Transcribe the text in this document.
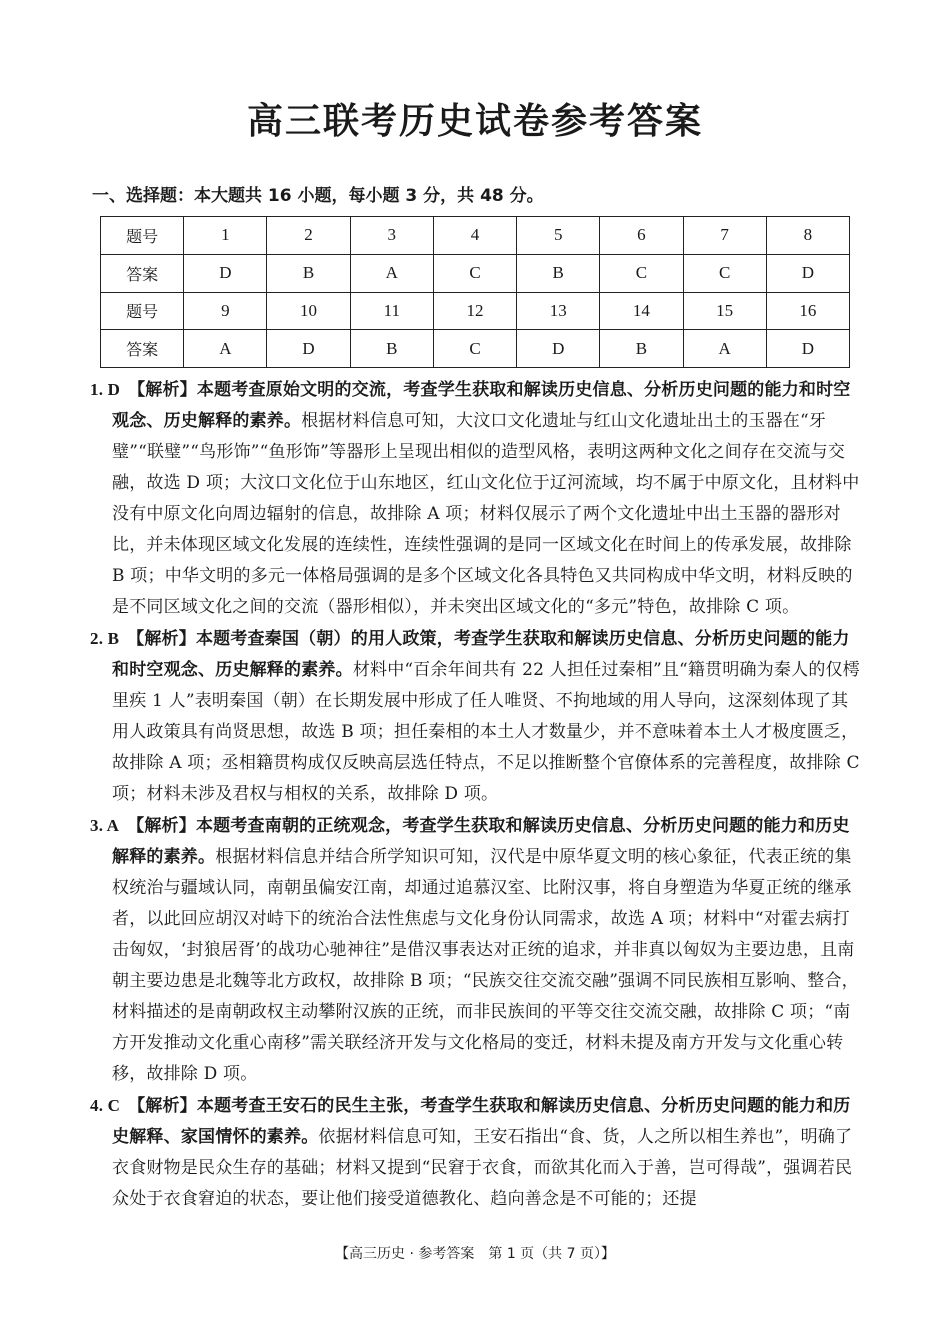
高三联考历史试卷参考答案
一、选择题：本大题共 16 小题，每小题 3 分，共 48 分。
题号	1	2	3	4	5	6	7	8
答案	D	B	A	C	B	C	C	D
题号	9	10	11	12	13	14	15	16
答案	A	D	B	C	D	B	A	D

1. D 【解析】本题考查原始文明的交流，考查学生获取和解读历史信息、分析历史问题的能力和时空观念、历史解释的素养。根据材料信息可知，大汶口文化遗址与红山文化遗址出土的玉器在“牙璧”“联璧”“鸟形饰”“鱼形饰”等器形上呈现出相似的造型风格，表明这两种文化之间存在交流与交融，故选 D 项；大汶口文化位于山东地区，红山文化位于辽河流域，均不属于中原文化，且材料中没有中原文化向周边辐射的信息，故排除 A 项；材料仅展示了两个文化遗址中出土玉器的器形对比，并未体现区域文化发展的连续性，连续性强调的是同一区域文化在时间上的传承发展，故排除 B 项；中华文明的多元一体格局强调的是多个区域文化各具特色又共同构成中华文明，材料反映的是不同区域文化之间的交流（器形相似），并未突出区域文化的“多元”特色，故排除 C 项。

2. B 【解析】本题考查秦国（朝）的用人政策，考查学生获取和解读历史信息、分析历史问题的能力和时空观念、历史解释的素养。材料中“百余年间共有 22 人担任过秦相”且“籍贯明确为秦人的仅樗里疾 1 人”表明秦国（朝）在长期发展中形成了任人唯贤、不拘地域的用人导向，这深刻体现了其用人政策具有尚贤思想，故选 B 项；担任秦相的本土人才数量少，并不意味着本土人才极度匮乏，故排除 A 项；丞相籍贯构成仅反映高层选任特点，不足以推断整个官僚体系的完善程度，故排除 C 项；材料未涉及君权与相权的关系，故排除 D 项。

3. A 【解析】本题考查南朝的正统观念，考查学生获取和解读历史信息、分析历史问题的能力和历史解释的素养。根据材料信息并结合所学知识可知，汉代是中原华夏文明的核心象征，代表正统的集权统治与疆域认同，南朝虽偏安江南，却通过追慕汉室、比附汉事，将自身塑造为华夏正统的继承者，以此回应胡汉对峙下的统治合法性焦虑与文化身份认同需求，故选 A 项；材料中“对霍去病打击匈奴，‘封狼居胥’的战功心驰神往”是借汉事表达对正统的追求，并非真以匈奴为主要边患，且南朝主要边患是北魏等北方政权，故排除 B 项；“民族交往交流交融”强调不同民族相互影响、整合，材料描述的是南朝政权主动攀附汉族的正统，而非民族间的平等交往交流交融，故排除 C 项；“南方开发推动文化重心南移”需关联经济开发与文化格局的变迁，材料未提及南方开发与文化重心转移，故排除 D 项。

4. C 【解析】本题考查王安石的民生主张，考查学生获取和解读历史信息、分析历史问题的能力和历史解释、家国情怀的素养。依据材料信息可知，王安石指出“食、货，人之所以相生养也”，明确了衣食财物是民众生存的基础；材料又提到“民窘于衣食，而欲其化而入于善，岂可得哉”，强调若民众处于衣食窘迫的状态，要让他们接受道德教化、趋向善念是不可能的；还提

【高三历史 · 参考答案　第 1 页（共 7 页）】
